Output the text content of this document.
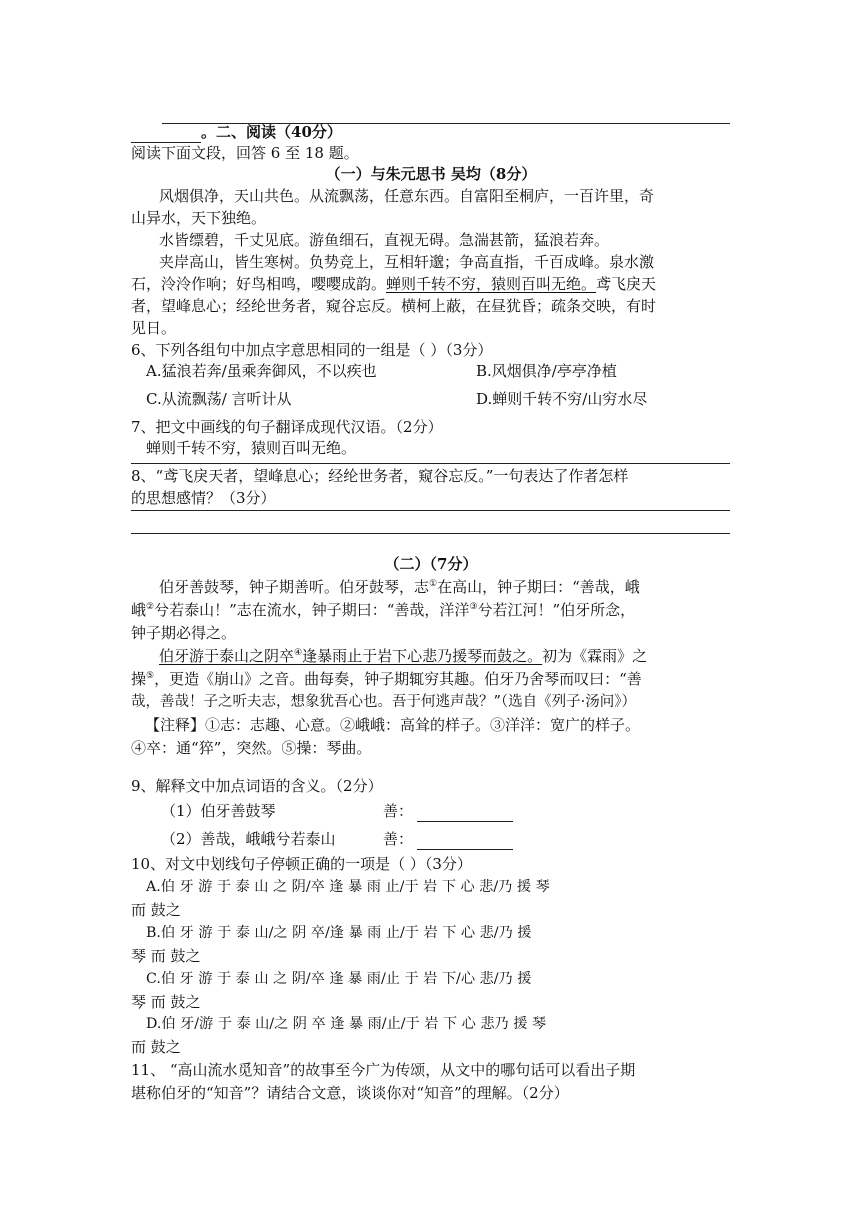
。二、阅读（40分）
阅读下面文段，回答 6 至 18 题。
（一）与朱元思书 吴均（8分）
风烟俱净，天山共色。从流飘荡，任意东西。自富阳至桐庐，一百许里，奇
山异水，天下独绝。
水皆缥碧，千丈见底。游鱼细石，直视无碍。急湍甚箭，猛浪若奔。
夹岸高山，皆生寒树。负势竞上，互相轩邈；争高直指，千百成峰。泉水激
石，泠泠作响；好鸟相鸣，嘤嘤成韵。蝉则千转不穷，猿则百叫无绝。鸢飞戾天
者，望峰息心；经纶世务者，窥谷忘反。横柯上蔽，在昼犹昏；疏条交映，有时
见日。
6、下列各组句中加点字意思相同的一组是（ ）（3分）
A.猛浪若奔/虽乘奔御风，不以疾也	B.风烟俱净/亭亭净植
C.从流飘荡/ 言听计从	D.蝉则千转不穷/山穷水尽
7、把文中画线的句子翻译成现代汉语。（2分）
蝉则千转不穷，猿则百叫无绝。
8、“鸢飞戾天者，望峰息心；经纶世务者，窥谷忘反。”一句表达了作者怎样
的思想感情？（3分）
（二）（7分）
伯牙善鼓琴，钟子期善听。伯牙鼓琴，志①在高山，钟子期曰：“善哉，峨
峨②兮若泰山！”志在流水，钟子期曰：“善哉，洋洋③兮若江河！”伯牙所念，
钟子期必得之。
伯牙游于泰山之阴卒④逢暴雨止于岩下心悲乃援琴而鼓之。初为《霖雨》之
操⑤，更造《崩山》之音。曲每奏，钟子期辄穷其趣。伯牙乃舍琴而叹曰：“善
哉，善哉！子之听夫志，想象犹吾心也。吾于何逃声哉？”（选自《列子·汤问》）
【注释】①志：志趣、心意。②峨峨：高耸的样子。③洋洋：宽广的样子。
④卒：通“猝”，突然。⑤操：琴曲。
9、解释文中加点词语的含义。（2分）
（1）伯牙善鼓琴	善：
（2）善哉，峨峨兮若泰山	善：
10、对文中划线句子停顿正确的一项是（ ）（3分）
A.伯 牙 游 于 泰 山 之 阴/卒 逢 暴 雨 止/于 岩 下 心 悲/乃 援 琴
而 鼓之
B.伯 牙 游 于 泰 山/之 阴 卒/逢 暴 雨 止/于 岩 下 心 悲/乃 援
琴 而 鼓之
C.伯 牙 游 于 泰 山 之 阴/卒 逢 暴 雨/止 于 岩 下/心 悲/乃 援
琴 而 鼓之
D.伯 牙/游 于 泰 山/之 阴 卒 逢 暴 雨/止/于 岩 下 心 悲乃 援 琴
而 鼓之
11、 “高山流水觅知音”的故事至今广为传颂，从文中的哪句话可以看出子期
堪称伯牙的“知音”？请结合文意，谈谈你对“知音”的理解。（2分）
